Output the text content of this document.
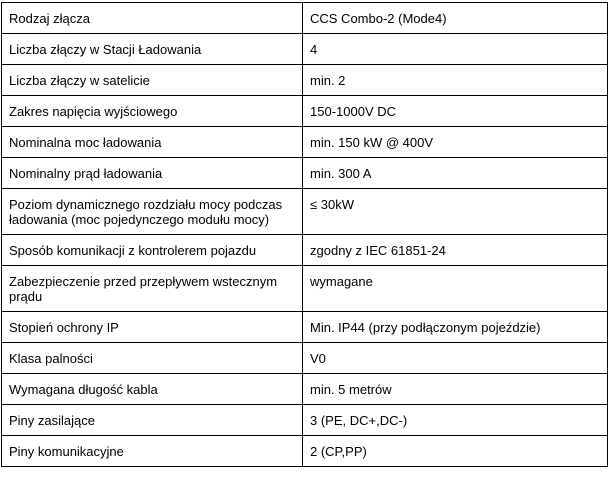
Rodzaj złącza	CCS Combo-2 (Mode4)
Liczba złączy w Stacji Ładowania	4
Liczba złączy w satelicie	min. 2
Zakres napięcia wyjściowego	150-1000V DC
Nominalna moc ładowania	min. 150 kW @ 400V
Nominalny prąd ładowania	min. 300 A
Poziom dynamicznego rozdziału mocy podczas ładowania (moc pojedynczego modułu mocy)	≤ 30kW
Sposób komunikacji z kontrolerem pojazdu	zgodny z IEC 61851-24
Zabezpieczenie przed przepływem wstecznym prądu	wymagane
Stopień ochrony IP	Min. IP44 (przy podłączonym pojeździe)
Klasa palności	V0
Wymagana długość kabla	min. 5 metrów
Piny zasilające	3 (PE, DC+,DC-)
Piny komunikacyjne	2 (CP,PP)
